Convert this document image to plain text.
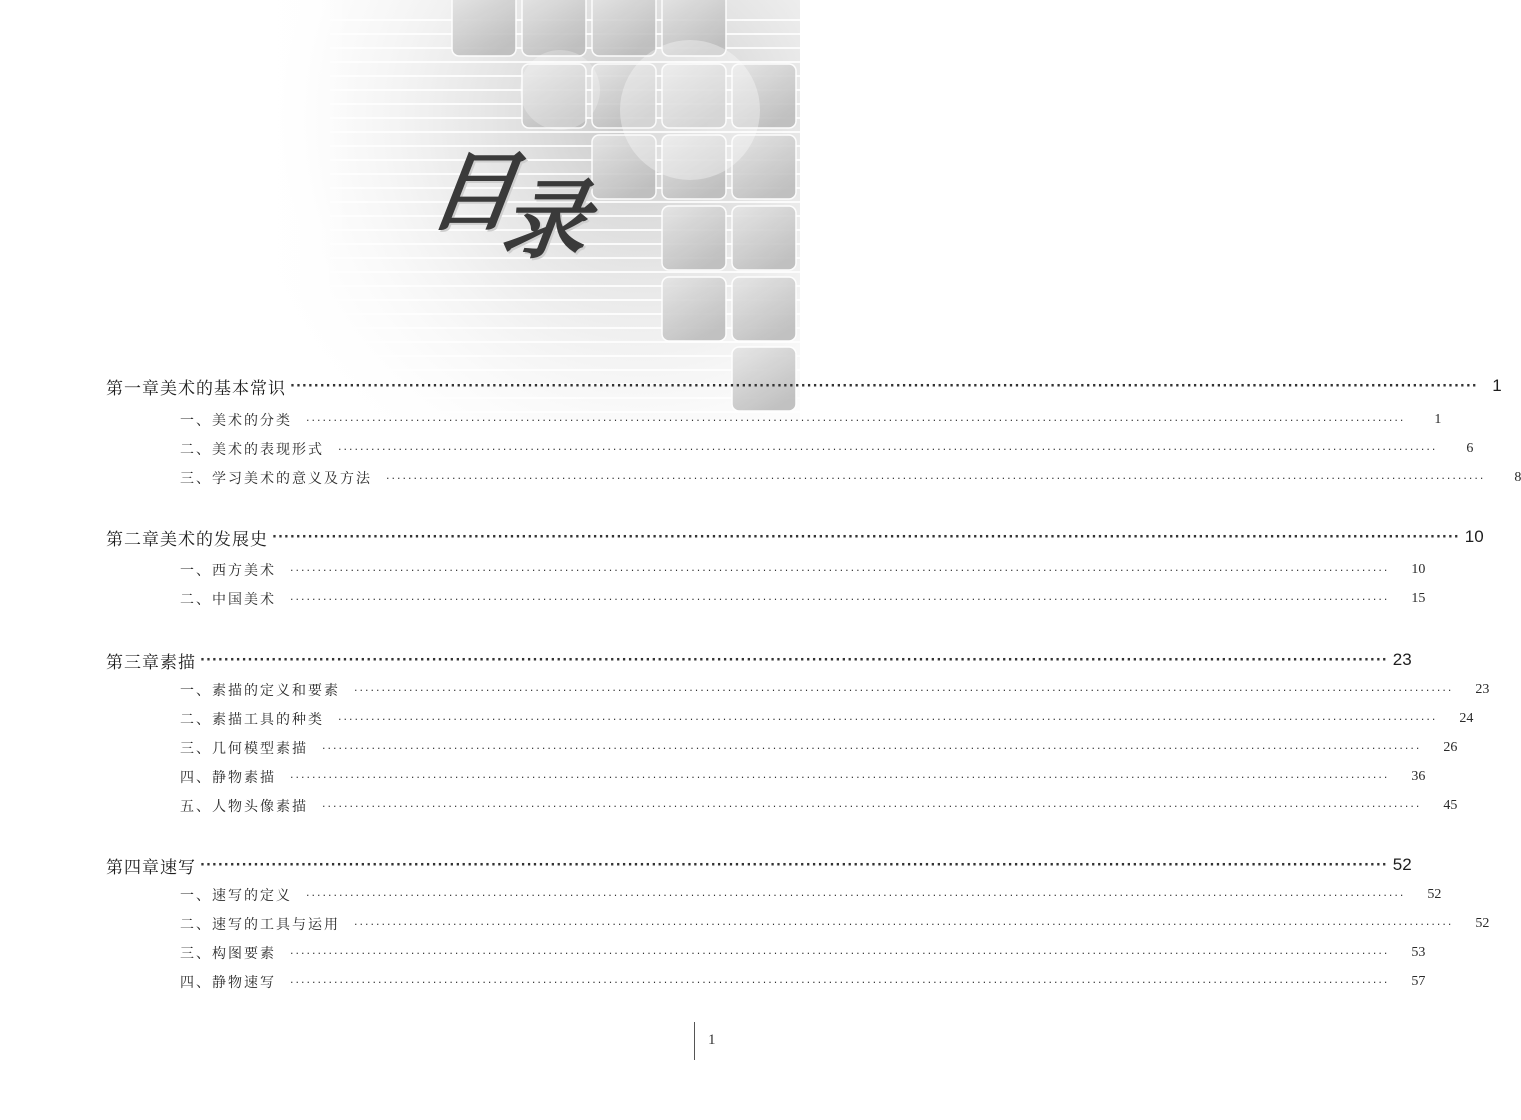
目录
第一章 美术的基本常识 ········································································································································································································ 1
一、美术的分类 ········································································································································································································	1
二、美术的表现形式 ········································································································································································································	6
三、学习美术的意义及方法 ········································································································································································································	8
第二章 美术的发展史 ········································································································································································································ 10
一、西方美术 ········································································································································································································	10
二、中国美术 ········································································································································································································	15
第三章 素描 ········································································································································································································ 23
一、素描的定义和要素 ········································································································································································································	23
二、素描工具的种类 ········································································································································································································	24
三、几何模型素描 ········································································································································································································	26
四、静物素描 ········································································································································································································	36
五、人物头像素描 ········································································································································································································	45
第四章 速写 ········································································································································································································ 52
一、速写的定义 ········································································································································································································	52
二、速写的工具与运用 ········································································································································································································	52
三、构图要素 ········································································································································································································	53
四、静物速写 ········································································································································································································	57
1
